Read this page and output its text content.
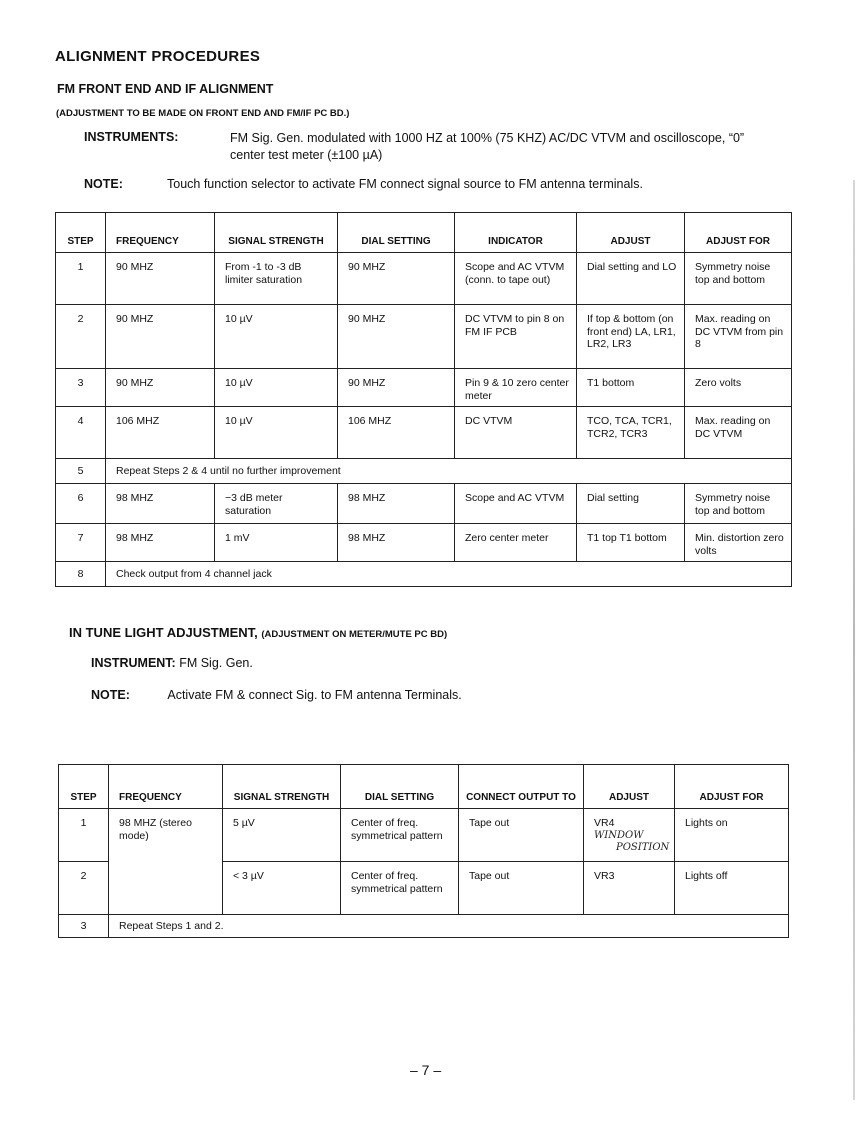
ALIGNMENT PROCEDURES
FM FRONT END AND IF ALIGNMENT
(ADJUSTMENT TO BE MADE ON FRONT END AND FM/IF PC BD.)
INSTRUMENTS:	FM Sig. Gen. modulated with 1000 HZ at 100% (75 KHZ) AC/DC VTVM and oscilloscope, “0” center test meter (±100 µA)
NOTE:	Touch function selector to activate FM connect signal source to FM antenna terminals.
STEP	FREQUENCY	SIGNAL STRENGTH	DIAL SETTING	INDICATOR	ADJUST	ADJUST FOR
1	90 MHZ	From -1 to -3 dB limiter saturation	90 MHZ	Scope and AC VTVM (conn. to tape out)	Dial setting and LO	Symmetry noise top and bottom
2	90 MHZ	10 µV	90 MHZ	DC VTVM to pin 8 on FM IF PCB	If top & bottom (on front end) LA, LR1, LR2, LR3	Max. reading on DC VTVM from pin 8
3	90 MHZ	10 µV	90 MHZ	Pin 9 & 10 zero center meter	T1 bottom	Zero volts
4	106 MHZ	10 µV	106 MHZ	DC VTVM	TCO, TCA, TCR1, TCR2, TCR3	Max. reading on DC VTVM
5	Repeat Steps 2 & 4 until no further improvement					
6	98 MHZ	−3 dB meter saturation	98 MHZ	Scope and AC VTVM	Dial setting	Symmetry noise top and bottom
7	98 MHZ	1 mV	98 MHZ	Zero center meter	T1 top T1 bottom	Min. distortion zero volts
8	Check output from 4 channel jack					
IN TUNE LIGHT ADJUSTMENT, (ADJUSTMENT ON METER/MUTE PC BD)
INSTRUMENT: FM Sig. Gen.
NOTE:	Activate FM & connect Sig. to FM antenna Terminals.
STEP	FREQUENCY	SIGNAL STRENGTH	DIAL SETTING	CONNECT OUTPUT TO	ADJUST	ADJUST FOR
1	98 MHZ (stereo mode)	5 µV	Center of freq. symmetrical pattern	Tape out	VR4
WINDOW
POSITION	Lights on
2		< 3 µV	Center of freq. symmetrical pattern	Tape out	VR3	Lights off
3	Repeat Steps 1 and 2.					
– 7 –
